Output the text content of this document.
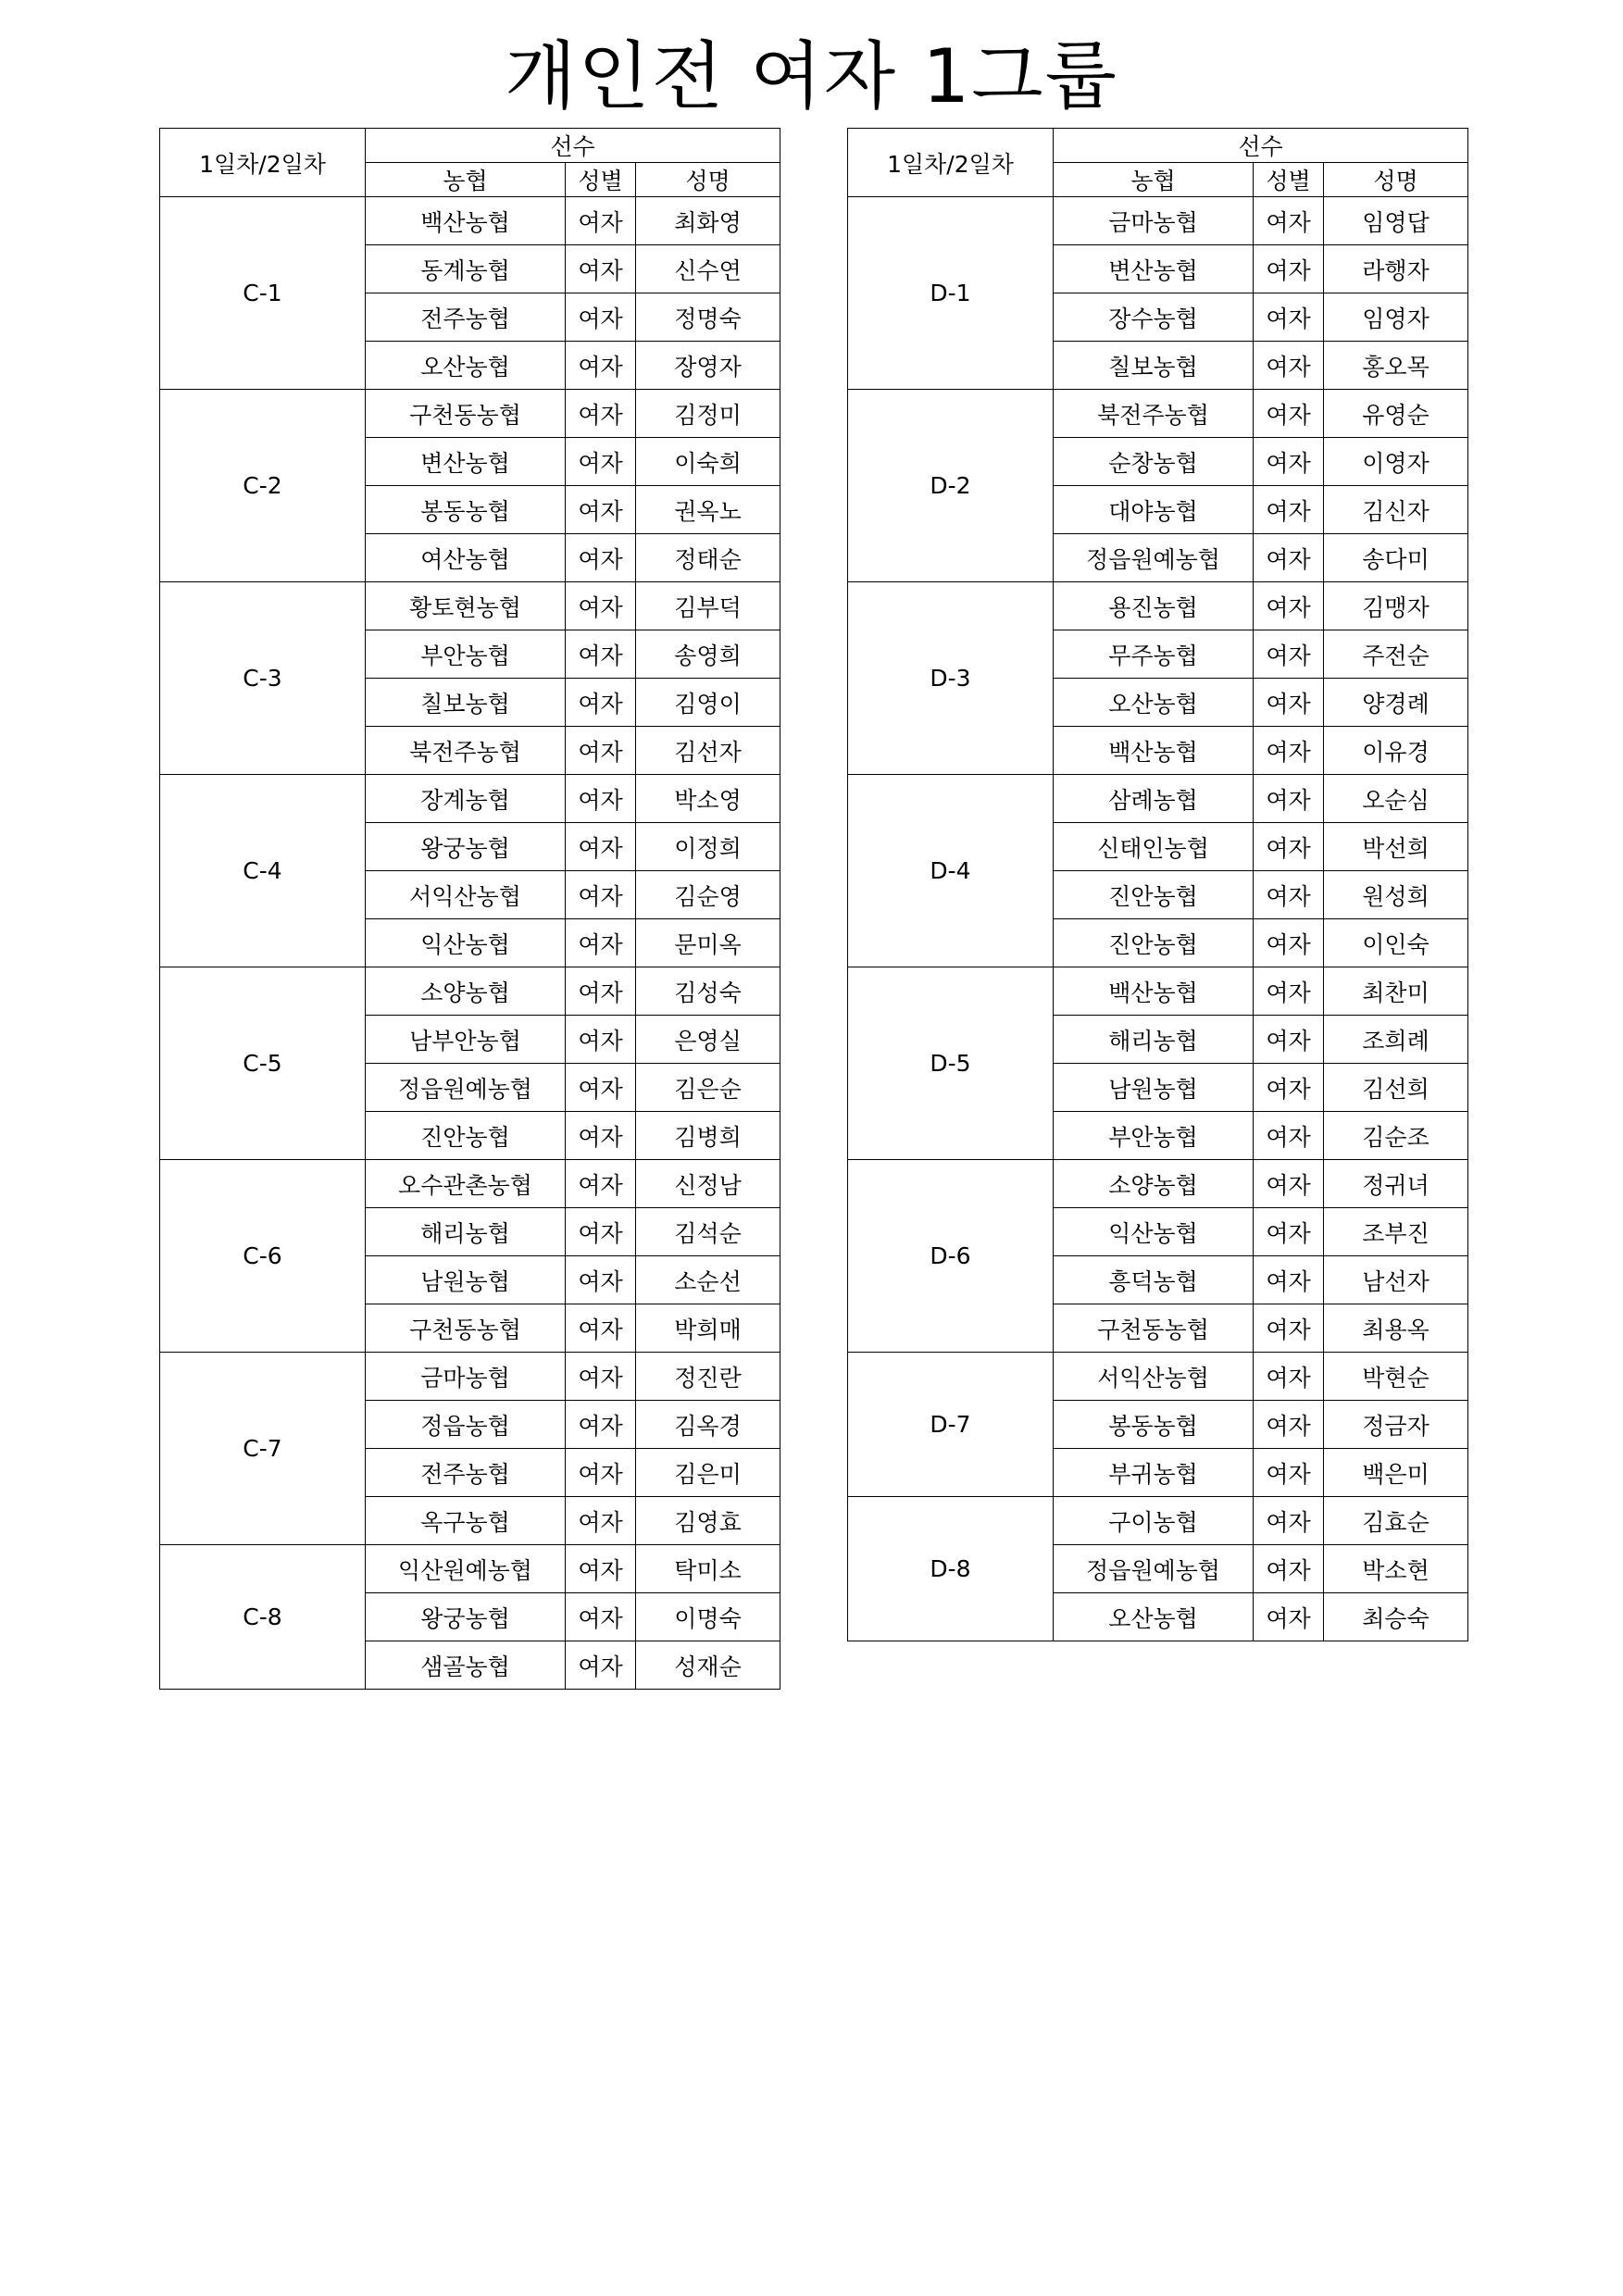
개인전 여자 1그룹
1일차/2일차	선수		
	농협	성별	성명
C-1	백산농협	여자	최화영
	동계농협	여자	신수연
	전주농협	여자	정명숙
	오산농협	여자	장영자
C-2	구천동농협	여자	김정미
	변산농협	여자	이숙희
	봉동농협	여자	권옥노
	여산농협	여자	정태순
C-3	황토현농협	여자	김부덕
	부안농협	여자	송영희
	칠보농협	여자	김영이
	북전주농협	여자	김선자
C-4	장계농협	여자	박소영
	왕궁농협	여자	이정희
	서익산농협	여자	김순영
	익산농협	여자	문미옥
C-5	소양농협	여자	김성숙
	남부안농협	여자	은영실
	정읍원예농협	여자	김은순
	진안농협	여자	김병희
C-6	오수관촌농협	여자	신정남
	해리농협	여자	김석순
	남원농협	여자	소순선
	구천동농협	여자	박희매
C-7	금마농협	여자	정진란
	정읍농협	여자	김옥경
	전주농협	여자	김은미
	옥구농협	여자	김영효
C-8	익산원예농협	여자	탁미소
	왕궁농협	여자	이명숙
	샘골농협	여자	성재순
1일차/2일차	선수		
	농협	성별	성명
D-1	금마농협	여자	임영답
	변산농협	여자	라행자
	장수농협	여자	임영자
	칠보농협	여자	홍오목
D-2	북전주농협	여자	유영순
	순창농협	여자	이영자
	대야농협	여자	김신자
	정읍원예농협	여자	송다미
D-3	용진농협	여자	김맹자
	무주농협	여자	주전순
	오산농협	여자	양경례
	백산농협	여자	이유경
D-4	삼례농협	여자	오순심
	신태인농협	여자	박선희
	진안농협	여자	원성희
	진안농협	여자	이인숙
D-5	백산농협	여자	최찬미
	해리농협	여자	조희례
	남원농협	여자	김선희
	부안농협	여자	김순조
D-6	소양농협	여자	정귀녀
	익산농협	여자	조부진
	흥덕농협	여자	남선자
	구천동농협	여자	최용옥
D-7	서익산농협	여자	박현순
	봉동농협	여자	정금자
	부귀농협	여자	백은미
D-8	구이농협	여자	김효순
	정읍원예농협	여자	박소현
	오산농협	여자	최승숙
